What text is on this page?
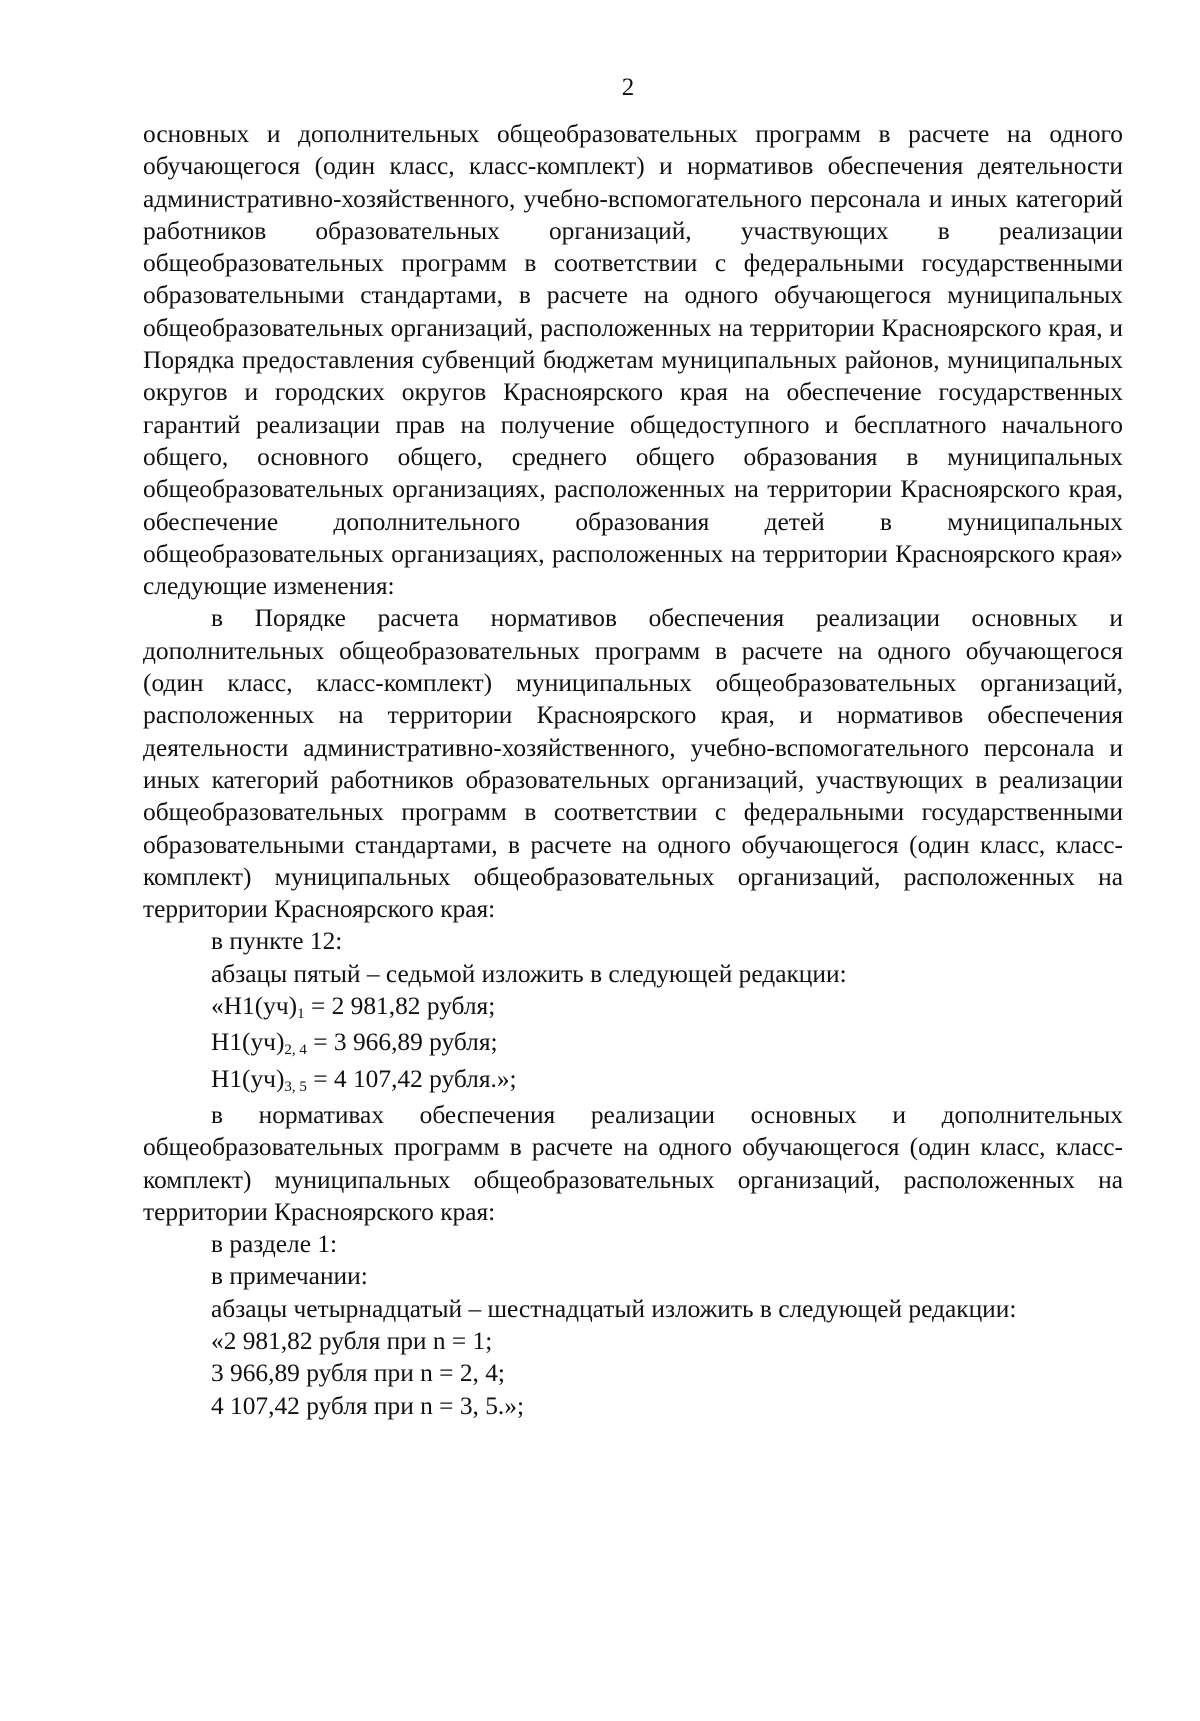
2

основных и дополнительных общеобразовательных программ в расчете на одного обучающегося (один класс, класс-комплект) и нормативов обеспечения деятельности административно-хозяйственного, учебно-вспомогательного персонала и иных категорий работников образовательных организаций, участвующих в реализации общеобразовательных программ в соответствии с федеральными государственными образовательными стандартами, в расчете на одного обучающегося муниципальных общеобразовательных организаций, расположенных на территории Красноярского края, и Порядка предоставления субвенций бюджетам муниципальных районов, муниципальных округов и городских округов Красноярского края на обеспечение государственных гарантий реализации прав на получение общедоступного и бесплатного начального общего, основного общего, среднего общего образования в муниципальных общеобразовательных организациях, расположенных на территории Красноярского края, обеспечение дополнительного образования детей в муниципальных общеобразовательных организациях, расположенных на территории Красноярского края» следующие изменения:

в Порядке расчета нормативов обеспечения реализации основных и дополнительных общеобразовательных программ в расчете на одного обучающегося (один класс, класс-комплект) муниципальных общеобразовательных организаций, расположенных на территории Красноярского края, и нормативов обеспечения деятельности административно-хозяйственного, учебно-вспомогательного персонала и иных категорий работников образовательных организаций, участвующих в реализации общеобразовательных программ в соответствии с федеральными государственными образовательными стандартами, в расчете на одного обучающегося (один класс, класс-комплект) муниципальных общеобразовательных организаций, расположенных на территории Красноярского края:

в пункте 12:

абзацы пятый – седьмой изложить в следующей редакции:

«$Н1(уч)_1 = 2$ 981,82 рубля;

$Н1(уч)_{2, 4} = 3$ 966,89 рубля;

$Н1(уч)_{3, 5} = 4$ 107,42 рубля.»;

в нормативах обеспечения реализации основных и дополнительных общеобразовательных программ в расчете на одного обучающегося (один класс, класс-комплект) муниципальных общеобразовательных организаций, расположенных на территории Красноярского края:

в разделе 1:

в примечании:

абзацы четырнадцатый – шестнадцатый изложить в следующей редакции:

«2 981,82 рубля при n = 1;

3 966,89 рубля при n = 2, 4;

4 107,42 рубля при n = 3, 5.»;
